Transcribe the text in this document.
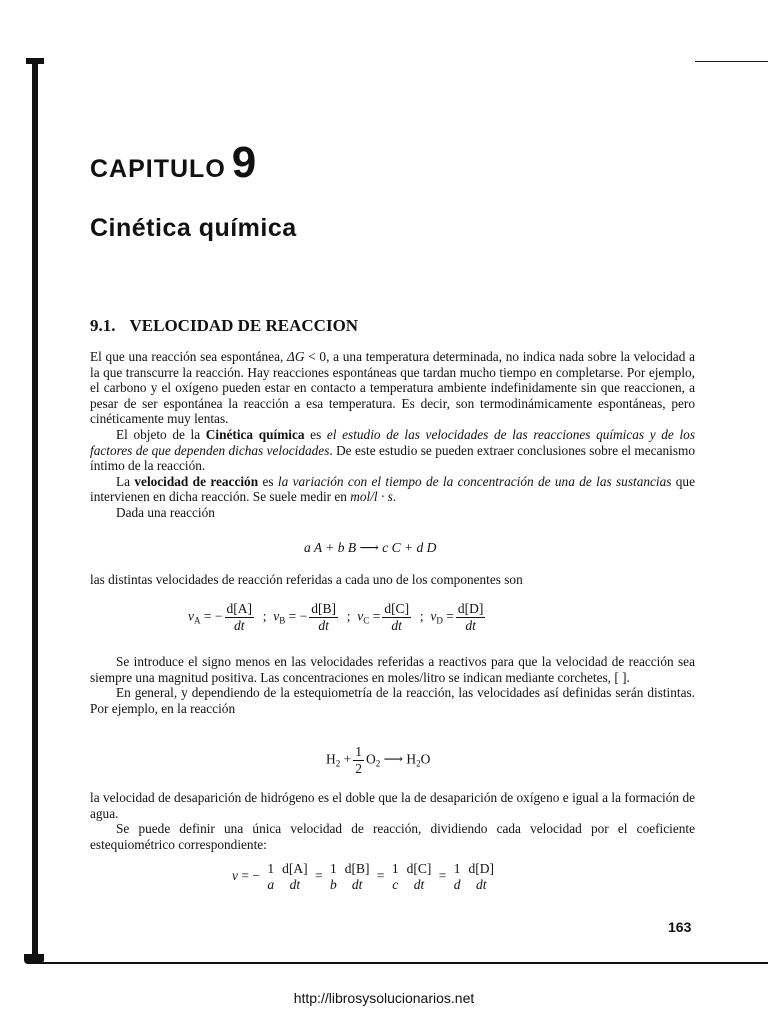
CAPITULO 9
Cinética química
9.1. VELOCIDAD DE REACCION

El que una reacción sea espontánea, ΔG < 0, a una temperatura determinada, no indica nada sobre la velocidad a la que transcurre la reacción. Hay reacciones espontáneas que tardan mucho tiempo en completarse. Por ejemplo, el carbono y el oxígeno pueden estar en contacto a temperatura ambiente indefinidamente sin que reaccionen, a pesar de ser espontánea la reacción a esa temperatura. Es decir, son termodinámicamente espontáneas, pero cinéticamente muy lentas.

El objeto de la Cinética química es el estudio de las velocidades de las reacciones químicas y de los factores de que dependen dichas velocidades. De este estudio se pueden extraer conclusiones sobre el mecanismo íntimo de la reacción.

La velocidad de reacción es la variación con el tiempo de la concentración de una de las sustancias que intervienen en dicha reacción. Se suele medir en mol/l · s.

Dada una reacción

a A + b B ⟶ c C + d D

las distintas velocidades de reacción referidas a cada uno de los componentes son

$v_A$ = − $\frac{d[A]}{dt}$ ; $v_B$ = − $\frac{d[B]}{dt}$ ; $v_C = \frac{d[C]}{dt}$ ; $v_D = \frac{d[D]}{dt}$

Se introduce el signo menos en las velocidades referidas a reactivos para que la velocidad de reacción sea siempre una magnitud positiva. Las concentraciones en moles/litro se indican mediante corchetes, [ ].

En general, y dependiendo de la estequiometría de la reacción, las velocidades así definidas serán distintas. Por ejemplo, en la reacción

$H_2 + \frac{1}{2} O_2$ ⟶ $H_2O$

la velocidad de desaparición de hidrógeno es el doble que la de desaparición de oxígeno e igual a la formación de agua.

Se puede definir una única velocidad de reacción, dividiendo cada velocidad por el coeficiente estequiométrico correspondiente:

v = − 1
a
d[A]
dt
= 1
b
d[B]
dt
= 1
c
d[C]
dt
= 1
d
d[D]
dt
163
http://librosysolucionarios.net
